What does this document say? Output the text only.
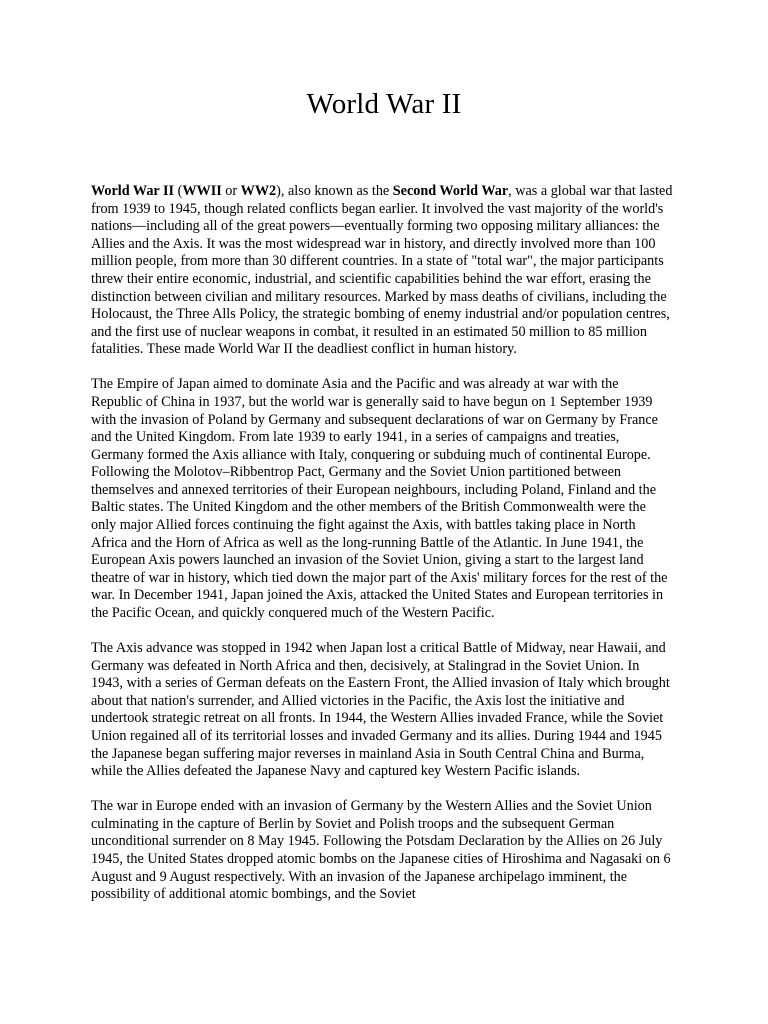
World War II

World War II (WWII or WW2), also known as the Second World War, was a global war that lasted from 1939 to 1945, though related conflicts began earlier. It involved the vast majority of the world's nations—including all of the great powers—eventually forming two opposing military alliances: the Allies and the Axis. It was the most widespread war in history, and directly involved more than 100 million people, from more than 30 different countries. In a state of "total war", the major participants threw their entire economic, industrial, and scientific capabilities behind the war effort, erasing the distinction between civilian and military resources. Marked by mass deaths of civilians, including the Holocaust, the Three Alls Policy, the strategic bombing of enemy industrial and/or population centres, and the first use of nuclear weapons in combat, it resulted in an estimated 50 million to 85 million fatalities. These made World War II the deadliest conflict in human history.

The Empire of Japan aimed to dominate Asia and the Pacific and was already at war with the Republic of China in 1937, but the world war is generally said to have begun on 1 September 1939 with the invasion of Poland by Germany and subsequent declarations of war on Germany by France and the United Kingdom. From late 1939 to early 1941, in a series of campaigns and treaties, Germany formed the Axis alliance with Italy, conquering or subduing much of continental Europe. Following the Molotov–Ribbentrop Pact, Germany and the Soviet Union partitioned between themselves and annexed territories of their European neighbours, including Poland, Finland and the Baltic states. The United Kingdom and the other members of the British Commonwealth were the only major Allied forces continuing the fight against the Axis, with battles taking place in North Africa and the Horn of Africa as well as the long-running Battle of the Atlantic. In June 1941, the European Axis powers launched an invasion of the Soviet Union, giving a start to the largest land theatre of war in history, which tied down the major part of the Axis' military forces for the rest of the war. In December 1941, Japan joined the Axis, attacked the United States and European territories in the Pacific Ocean, and quickly conquered much of the Western Pacific.

The Axis advance was stopped in 1942 when Japan lost a critical Battle of Midway, near Hawaii, and Germany was defeated in North Africa and then, decisively, at Stalingrad in the Soviet Union. In 1943, with a series of German defeats on the Eastern Front, the Allied invasion of Italy which brought about that nation's surrender, and Allied victories in the Pacific, the Axis lost the initiative and undertook strategic retreat on all fronts. In 1944, the Western Allies invaded France, while the Soviet Union regained all of its territorial losses and invaded Germany and its allies. During 1944 and 1945 the Japanese began suffering major reverses in mainland Asia in South Central China and Burma, while the Allies defeated the Japanese Navy and captured key Western Pacific islands.

The war in Europe ended with an invasion of Germany by the Western Allies and the Soviet Union culminating in the capture of Berlin by Soviet and Polish troops and the subsequent German unconditional surrender on 8 May 1945. Following the Potsdam Declaration by the Allies on 26 July 1945, the United States dropped atomic bombs on the Japanese cities of Hiroshima and Nagasaki on 6 August and 9 August respectively. With an invasion of the Japanese archipelago imminent, the possibility of additional atomic bombings, and the Soviet
